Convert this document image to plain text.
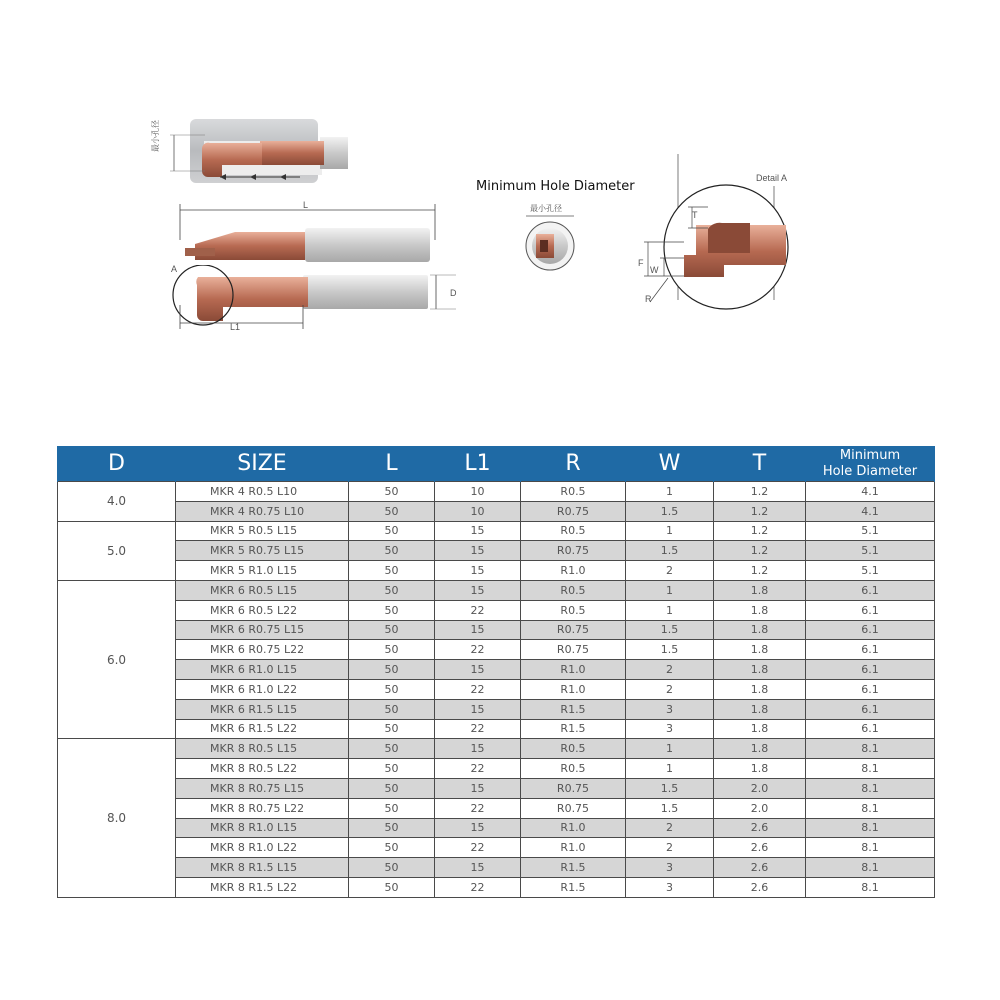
最小孔径
L
A
D
L1
Minimum Hole Diameter
最小孔径
Detail A
T
F
W
R
D	SIZE	L	L1	R	W	T	Minimum
Hole Diameter
4.0	MKR 4 R0.5 L10	50	10	R0.5	1	1.2	4.1
	MKR 4 R0.75 L10	50	10	R0.75	1.5	1.2	4.1
5.0	MKR 5 R0.5 L15	50	15	R0.5	1	1.2	5.1
	MKR 5 R0.75 L15	50	15	R0.75	1.5	1.2	5.1
	MKR 5 R1.0 L15	50	15	R1.0	2	1.2	5.1
6.0	MKR 6 R0.5 L15	50	15	R0.5	1	1.8	6.1
	MKR 6 R0.5 L22	50	22	R0.5	1	1.8	6.1
	MKR 6 R0.75 L15	50	15	R0.75	1.5	1.8	6.1
	MKR 6 R0.75 L22	50	22	R0.75	1.5	1.8	6.1
	MKR 6 R1.0 L15	50	15	R1.0	2	1.8	6.1
	MKR 6 R1.0 L22	50	22	R1.0	2	1.8	6.1
	MKR 6 R1.5 L15	50	15	R1.5	3	1.8	6.1
	MKR 6 R1.5 L22	50	22	R1.5	3	1.8	6.1
8.0	MKR 8 R0.5 L15	50	15	R0.5	1	1.8	8.1
	MKR 8 R0.5 L22	50	22	R0.5	1	1.8	8.1
	MKR 8 R0.75 L15	50	15	R0.75	1.5	2.0	8.1
	MKR 8 R0.75 L22	50	22	R0.75	1.5	2.0	8.1
	MKR 8 R1.0 L15	50	15	R1.0	2	2.6	8.1
	MKR 8 R1.0 L22	50	22	R1.0	2	2.6	8.1
	MKR 8 R1.5 L15	50	15	R1.5	3	2.6	8.1
	MKR 8 R1.5 L22	50	22	R1.5	3	2.6	8.1
